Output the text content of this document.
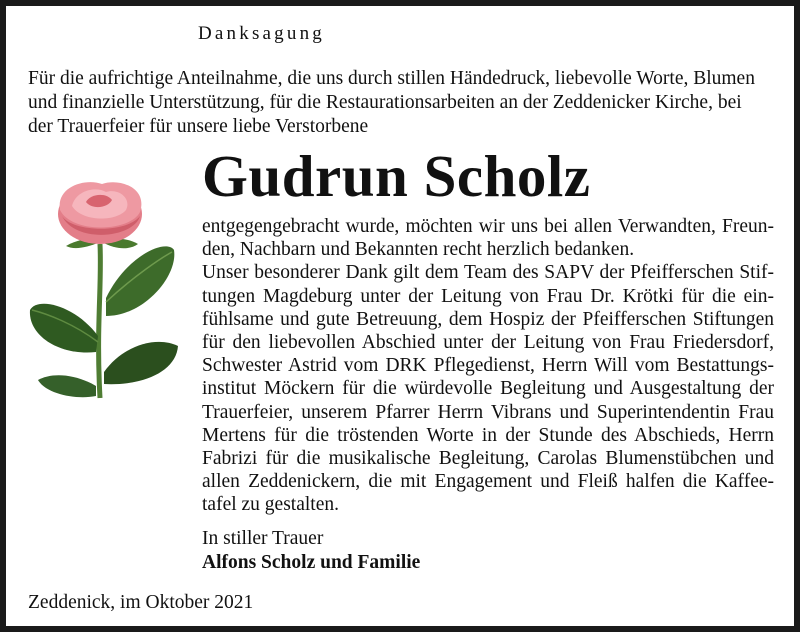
Danksagung
Für die aufrichtige Anteilnahme, die uns durch stillen Händedruck, liebevolle Worte, Blumen
und finanzielle Unterstützung, für die Restaurationsarbeiten an der Zeddenicker Kirche, bei
der Trauerfeier für unsere liebe Verstorbene
Gudrun Scholz
entgegengebracht wurde, möchten wir uns bei allen Verwandten, Freun-
den, Nachbarn und Bekannten recht herzlich bedanken.
Unser besonderer Dank gilt dem Team des SAPV der Pfeifferschen Stif-
tungen Magdeburg unter der Leitung von Frau Dr. Krötki für die ein-
fühlsame und gute Betreuung, dem Hospiz der Pfeifferschen Stiftungen
für den liebevollen Abschied unter der Leitung von Frau Friedersdorf,
Schwester Astrid vom DRK Pflegedienst, Herrn Will vom Bestattungs-
institut Möckern für die würdevolle Begleitung und Ausgestaltung der
Trauerfeier, unserem Pfarrer Herrn Vibrans und Superintendentin Frau
Mertens für die tröstenden Worte in der Stunde des Abschieds, Herrn
Fabrizi für die musikalische Begleitung, Carolas Blumenstübchen und
allen Zeddenickern, die mit Engagement und Fleiß halfen die Kaffee-
tafel zu gestalten.
In stiller Trauer
Alfons Scholz und Familie
Zeddenick, im Oktober 2021
